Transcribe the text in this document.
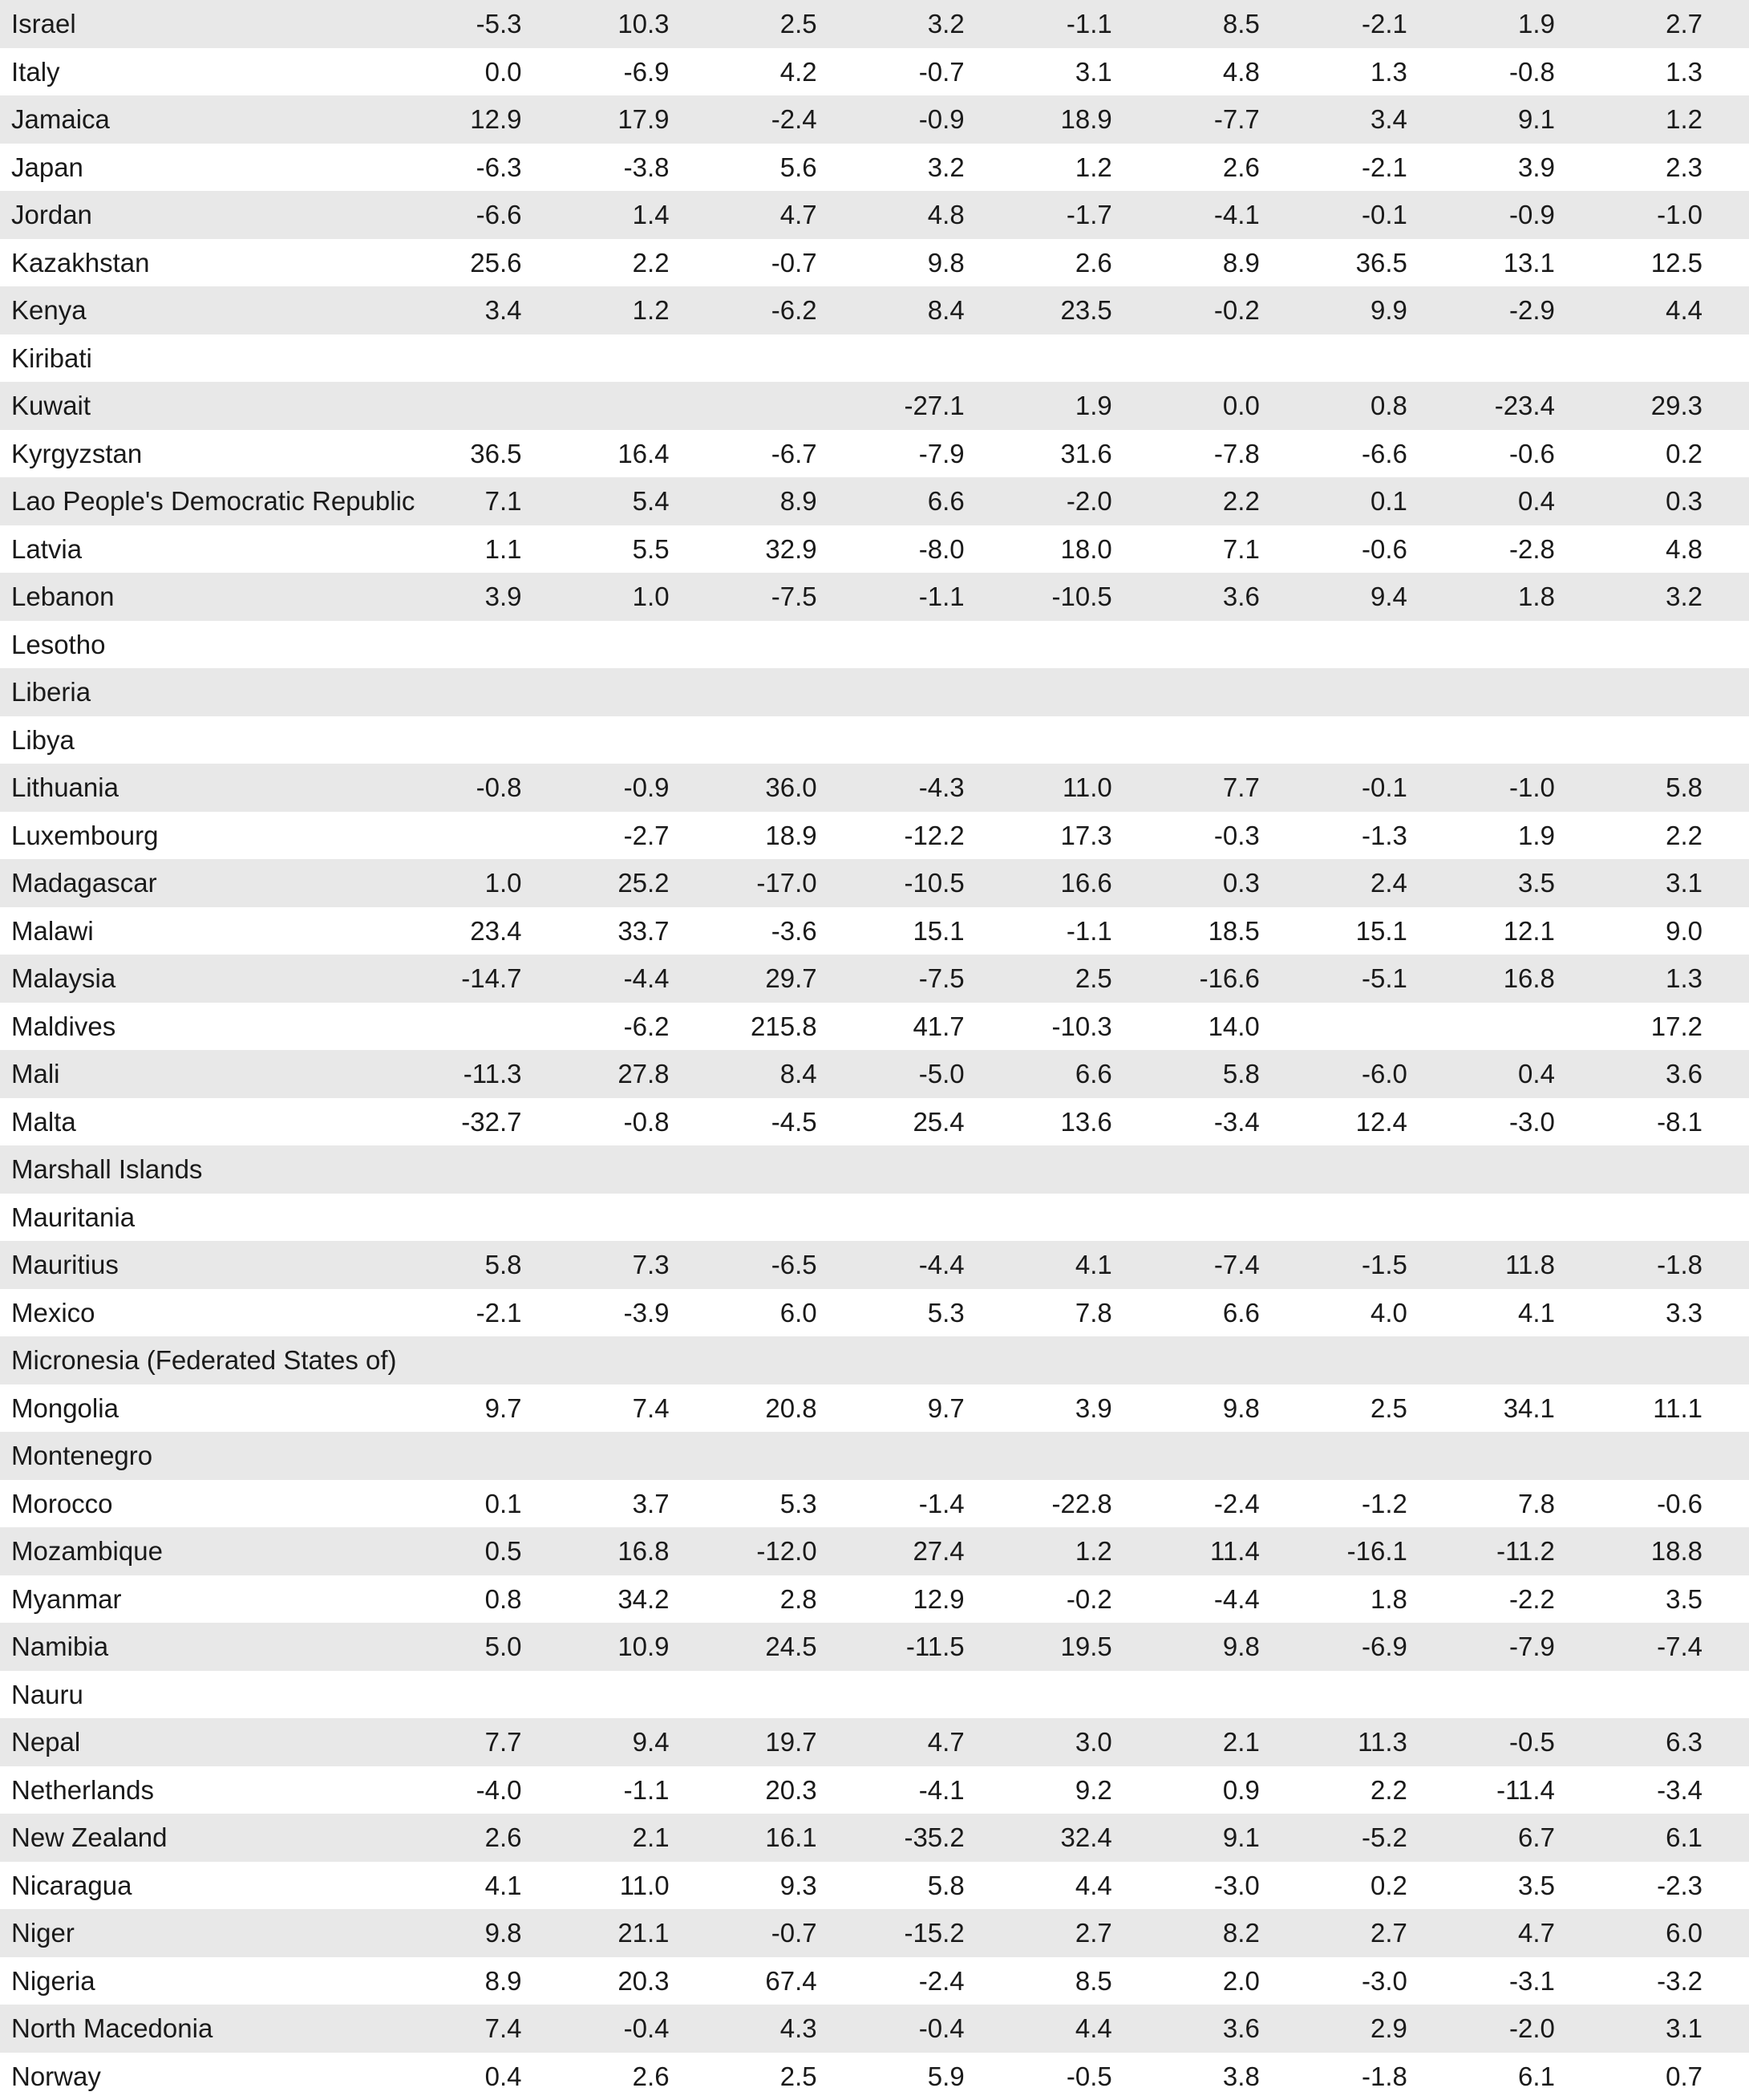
Israel	-5.3	10.3	2.5	3.2	-1.1	8.5	-2.1	1.9	2.7
Italy	0.0	-6.9	4.2	-0.7	3.1	4.8	1.3	-0.8	1.3
Jamaica	12.9	17.9	-2.4	-0.9	18.9	-7.7	3.4	9.1	1.2
Japan	-6.3	-3.8	5.6	3.2	1.2	2.6	-2.1	3.9	2.3
Jordan	-6.6	1.4	4.7	4.8	-1.7	-4.1	-0.1	-0.9	-1.0
Kazakhstan	25.6	2.2	-0.7	9.8	2.6	8.9	36.5	13.1	12.5
Kenya	3.4	1.2	-6.2	8.4	23.5	-0.2	9.9	-2.9	4.4
Kiribati									
Kuwait				-27.1	1.9	0.0	0.8	-23.4	29.3
Kyrgyzstan	36.5	16.4	-6.7	-7.9	31.6	-7.8	-6.6	-0.6	0.2
Lao People's Democratic Republic	7.1	5.4	8.9	6.6	-2.0	2.2	0.1	0.4	0.3
Latvia	1.1	5.5	32.9	-8.0	18.0	7.1	-0.6	-2.8	4.8
Lebanon	3.9	1.0	-7.5	-1.1	-10.5	3.6	9.4	1.8	3.2
Lesotho									
Liberia									
Libya									
Lithuania	-0.8	-0.9	36.0	-4.3	11.0	7.7	-0.1	-1.0	5.8
Luxembourg		-2.7	18.9	-12.2	17.3	-0.3	-1.3	1.9	2.2
Madagascar	1.0	25.2	-17.0	-10.5	16.6	0.3	2.4	3.5	3.1
Malawi	23.4	33.7	-3.6	15.1	-1.1	18.5	15.1	12.1	9.0
Malaysia	-14.7	-4.4	29.7	-7.5	2.5	-16.6	-5.1	16.8	1.3
Maldives		-6.2	215.8	41.7	-10.3	14.0			17.2
Mali	-11.3	27.8	8.4	-5.0	6.6	5.8	-6.0	0.4	3.6
Malta	-32.7	-0.8	-4.5	25.4	13.6	-3.4	12.4	-3.0	-8.1
Marshall Islands									
Mauritania									
Mauritius	5.8	7.3	-6.5	-4.4	4.1	-7.4	-1.5	11.8	-1.8
Mexico	-2.1	-3.9	6.0	5.3	7.8	6.6	4.0	4.1	3.3
Micronesia (Federated States of)									
Mongolia	9.7	7.4	20.8	9.7	3.9	9.8	2.5	34.1	11.1
Montenegro									
Morocco	0.1	3.7	5.3	-1.4	-22.8	-2.4	-1.2	7.8	-0.6
Mozambique	0.5	16.8	-12.0	27.4	1.2	11.4	-16.1	-11.2	18.8
Myanmar	0.8	34.2	2.8	12.9	-0.2	-4.4	1.8	-2.2	3.5
Namibia	5.0	10.9	24.5	-11.5	19.5	9.8	-6.9	-7.9	-7.4
Nauru									
Nepal	7.7	9.4	19.7	4.7	3.0	2.1	11.3	-0.5	6.3
Netherlands	-4.0	-1.1	20.3	-4.1	9.2	0.9	2.2	-11.4	-3.4
New Zealand	2.6	2.1	16.1	-35.2	32.4	9.1	-5.2	6.7	6.1
Nicaragua	4.1	11.0	9.3	5.8	4.4	-3.0	0.2	3.5	-2.3
Niger	9.8	21.1	-0.7	-15.2	2.7	8.2	2.7	4.7	6.0
Nigeria	8.9	20.3	67.4	-2.4	8.5	2.0	-3.0	-3.1	-3.2
North Macedonia	7.4	-0.4	4.3	-0.4	4.4	3.6	2.9	-2.0	3.1
Norway	0.4	2.6	2.5	5.9	-0.5	3.8	-1.8	6.1	0.7
